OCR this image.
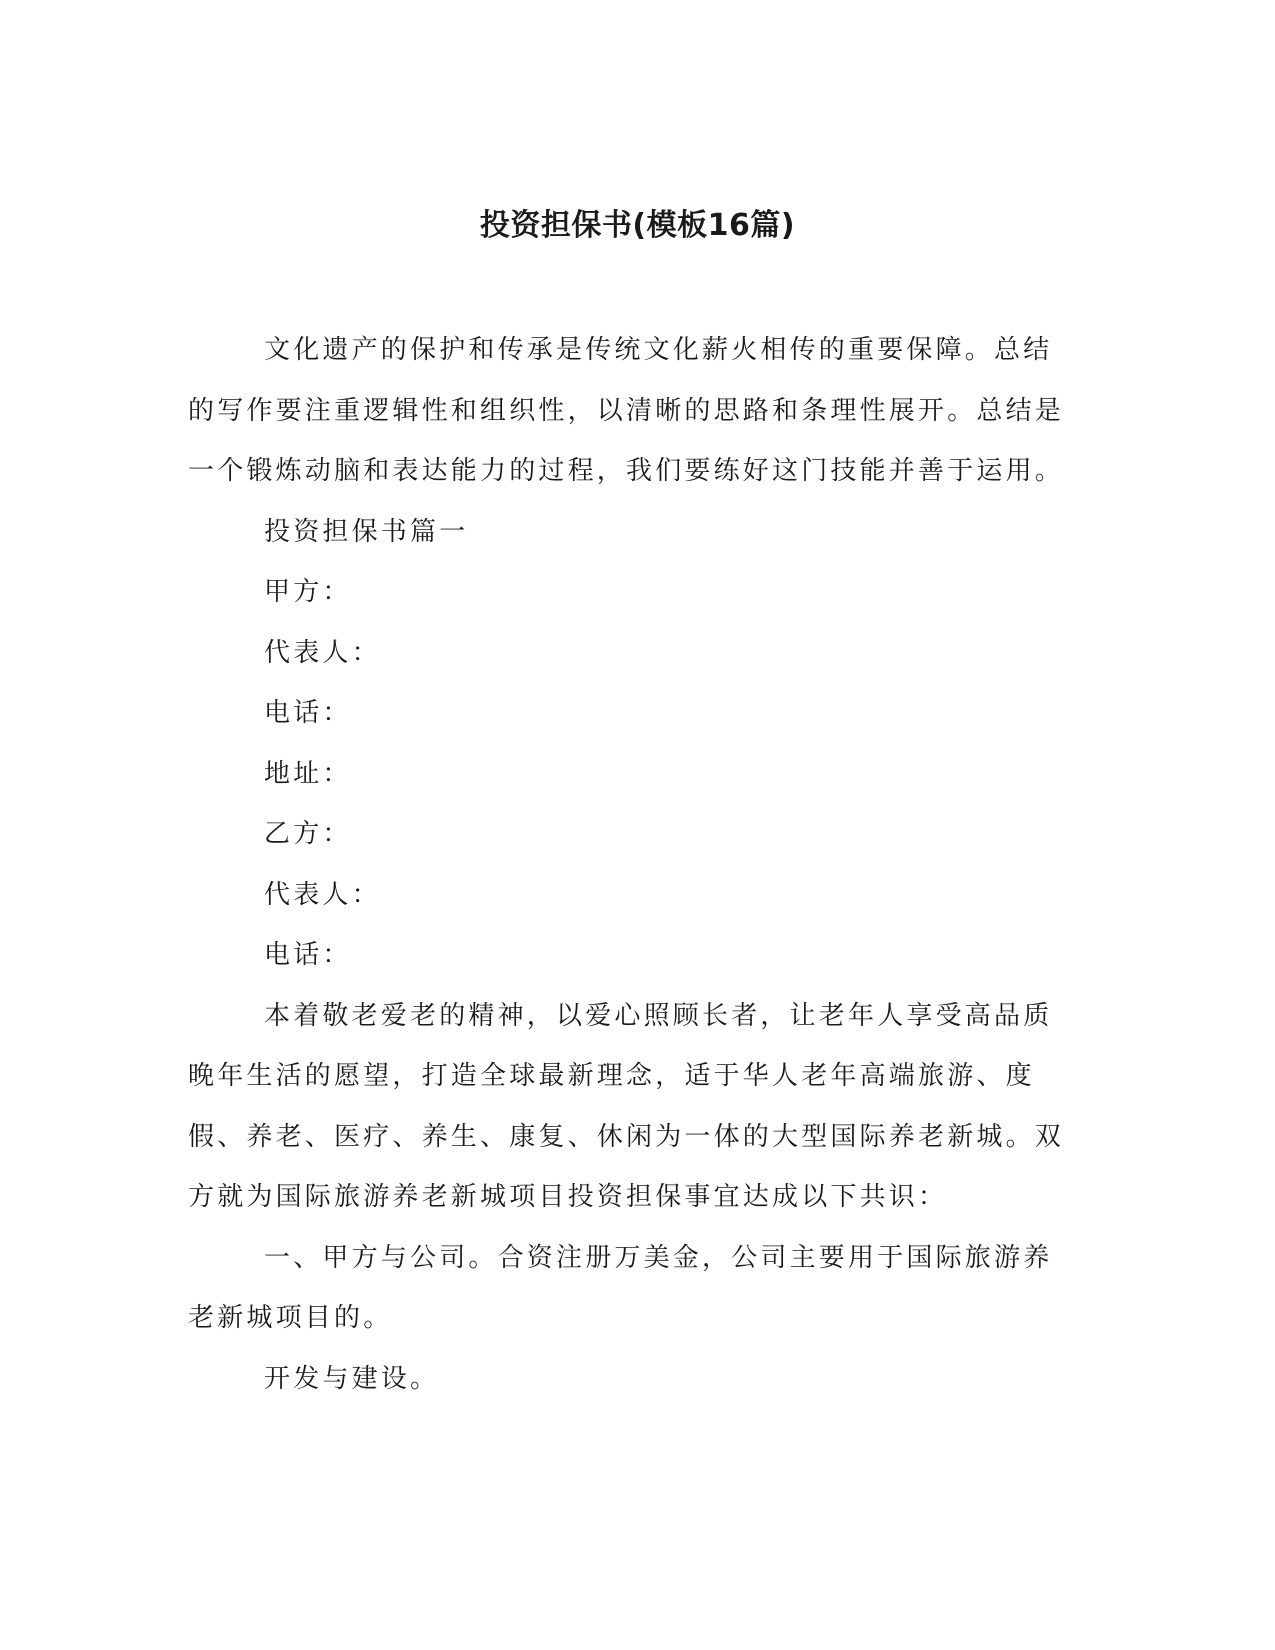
投资担保书(模板16篇)

文化遗产的保护和传承是传统文化薪火相传的重要保障。总结的写作要注重逻辑性和组织性，以清晰的思路和条理性展开。总结是一个锻炼动脑和表达能力的过程，我们要练好这门技能并善于运用。

投资担保书篇一

甲方：

代表人：

电话：

地址：

乙方：

代表人：

电话：

本着敬老爱老的精神，以爱心照顾长者，让老年人享受高品质晚年生活的愿望，打造全球最新理念，适于华人老年高端旅游、度假、养老、医疗、养生、康复、休闲为一体的大型国际养老新城。双方就为国际旅游养老新城项目投资担保事宜达成以下共识：

一、甲方与公司。合资注册万美金，公司主要用于国际旅游养老新城项目的。

开发与建设。
